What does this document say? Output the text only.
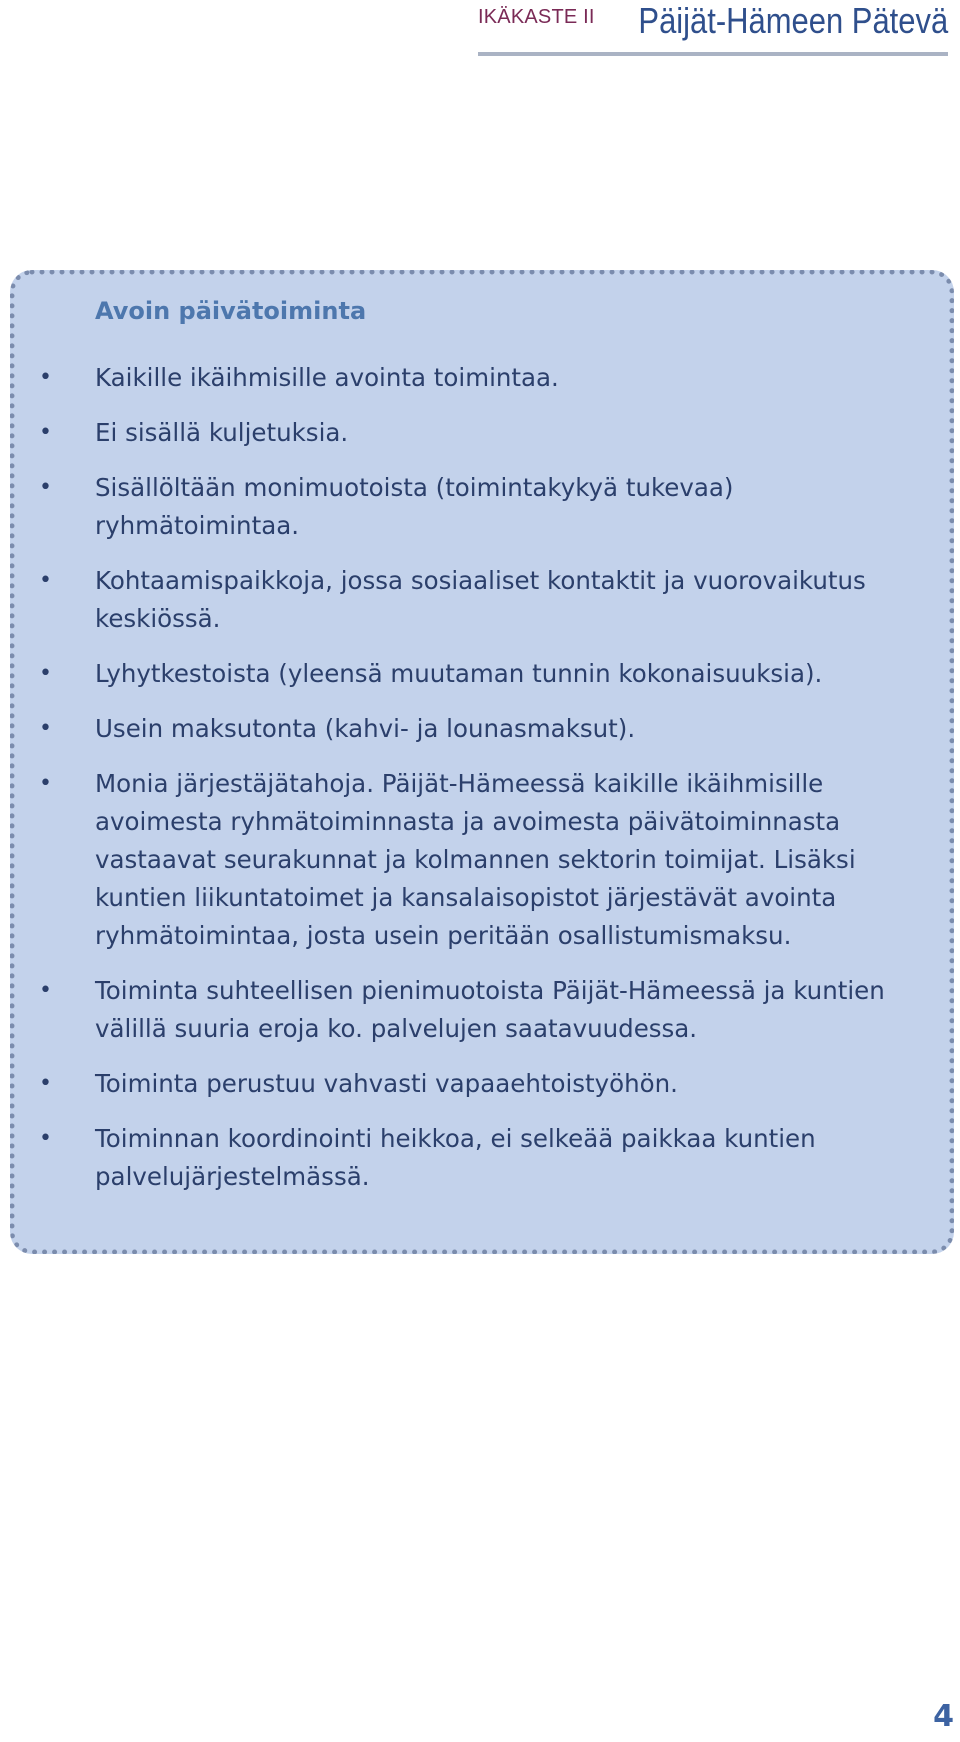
IKÄKASTE II Päijät-Hämeen Pätevä
Avoin päivätoiminta
• Kaikille ikäihmisille avointa toimintaa.
• Ei sisällä kuljetuksia.
• Sisällöltään monimuotoista (toimintakykyä tukevaa) ryhmätoimintaa.
• Kohtaamispaikkoja, jossa sosiaaliset kontaktit ja vuorovaikutus keskiössä.
• Lyhytkestoista (yleensä muutaman tunnin kokonaisuuksia).
• Usein maksutonta (kahvi- ja lounasmaksut).
• Monia järjestäjätahoja. Päijät-Hämeessä kaikille ikäihmisille avoimesta ryhmätoiminnasta ja avoimesta päivätoiminnasta vastaavat seurakunnat ja kolmannen sektorin toimijat. Lisäksi kuntien liikuntatoimet ja kansalaisopistot järjestävät avointa ryhmätoimintaa, josta usein peritään osallistumismaksu.
• Toiminta suhteellisen pienimuotoista Päijät-Hämeessä ja kuntien välillä suuria eroja ko. palvelujen saatavuudessa.
• Toiminta perustuu vahvasti vapaaehtoistyöhön.
• Toiminnan koordinointi heikkoa, ei selkeää paikkaa kuntien palvelujärjestelmässä.
4
